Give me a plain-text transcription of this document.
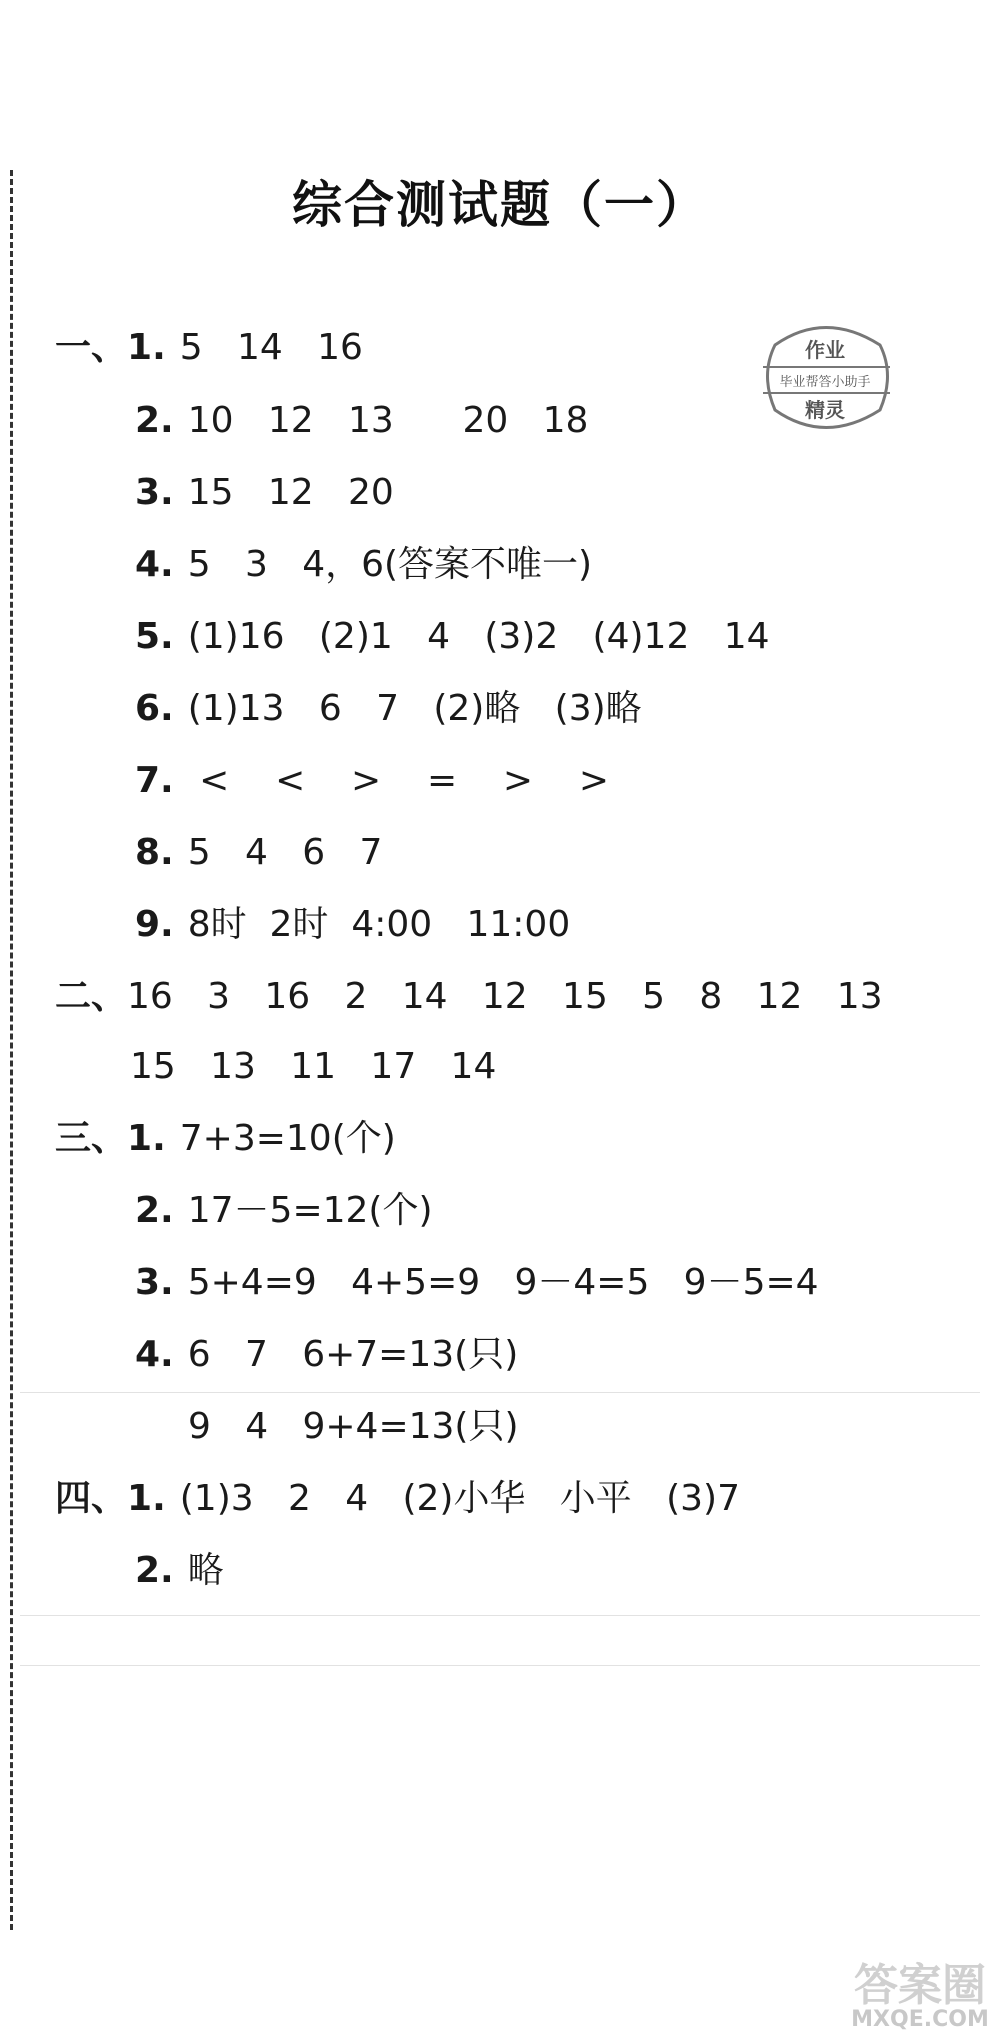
综合测试题（一）
作业
毕业帮答小助手
精灵
一、1. 5   14   16
2. 10   12   13      20   18
3. 15   12   20
4. 5   3   4，6(答案不唯一)
5. (1)16   (2)1   4   (3)2   (4)12   14
6. (1)13   6   7   (2)略   (3)略
7. <    <    >    =    >    >
8. 5   4   6   7
9. 8时  2时  4:00   11:00
二、16   3   16   2   14   12   15   5   8   12   13
15   13   11   17   14
三、1. 7+3=10(个)
2. 17－5=12(个)
3. 5+4=9   4+5=9   9－4=5   9－5=4
4. 6   7   6+7=13(只)
9   4   9+4=13(只)
四、1. (1)3   2   4   (2)小华   小平   (3)7
2. 略
答案圈
MXQE.COM
